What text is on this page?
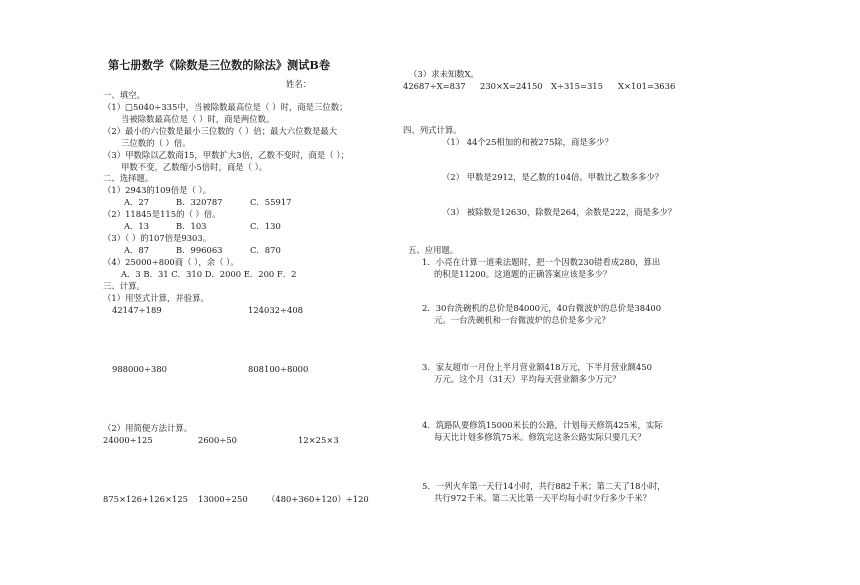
第七册数学《除数是三位数的除法》测试B卷
姓名：
一、填空。
（1）□5040÷335中，当被除数最高位是（ ）时，商是三位数；
当被除数最高位是（ ）时，商是两位数。
（2）最小的六位数是最小三位数的（ ）倍；最大六位数是最大
三位数的（ ）倍。
（3）甲数除以乙数商15，甲数扩大3倍，乙数不变时，商是（ ）；
甲数不变，乙数缩小5倍时，商是（ ）。
二、选择题。
（1）2943的109倍是（ ）。
A．27	B．320787	C．55917
（2）11845是115的（ ）倍。
A．13	B．103	C．130
（3）（ ）的107倍是9303。
A．87	B．996063	C．870
（4）25000÷800商（ ），余（ ）。
A．3 B．31 C．310 D．2000 E．200 F．2
三、计算。
（1）用竖式计算，并验算。
42147÷189	124032÷408
988000÷380	808100÷8000
（2）用简便方法计算。
24000÷125	2600÷50	12×25×3
875×126+126×125 13000÷250 （480+360+120）÷120
（3）求未知数X。
42687÷X=837 230×X=24150 X÷315=315 X×101=3636
四、列式计算。
（1） 44个25相加的和被275除，商是多少？
（2） 甲数是2912，是乙数的104倍。甲数比乙数多多少？
（3） 被除数是12630，除数是264，余数是222，商是多少？
五、应用题。
1．小亮在计算一道乘法题时，把一个因数230错看成280，算出
的积是11200。这道题的正确答案应该是多少？
2．30台洗碗机的总价是84000元，40台微波炉的总价是38400
元。一台洗碗机和一台微波炉的总价是多少元？
3．家友超市一月份上半月营业额418万元，下半月营业额450
万元。这个月（31天）平均每天营业额多少万元？
4．筑路队要修筑15000米长的公路，计划每天修筑425米，实际
每天比计划多修筑75米。修筑完这条公路实际只要几天？
5．一列火车第一天行14小时，共行882千米；第二天了18小时，
共行972千米。第二天比第一天平均每小时少行多少千米？
